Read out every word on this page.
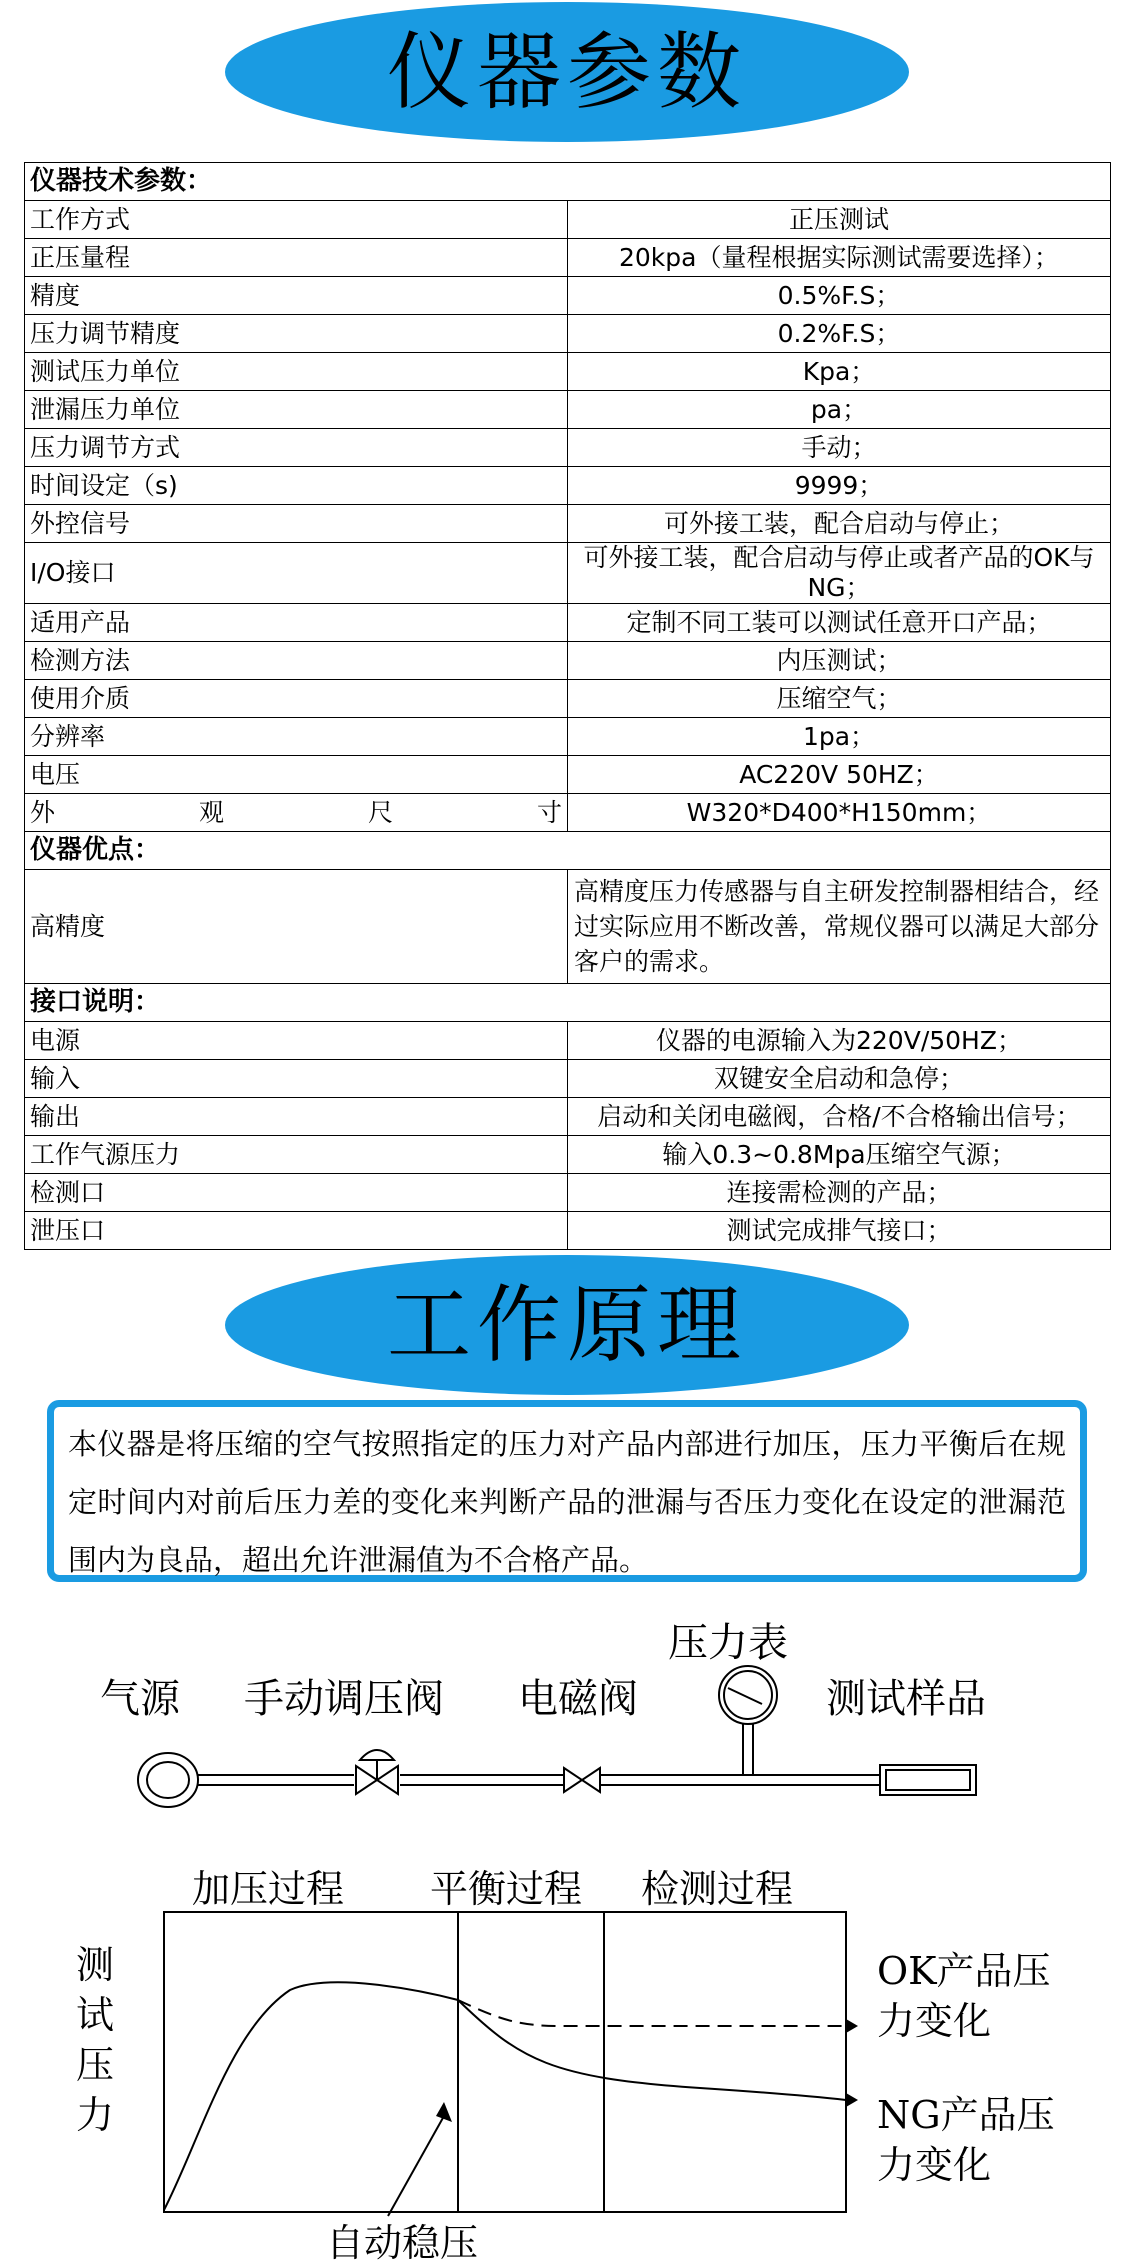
仪器参数
仪器技术参数：	
工作方式	正压测试
正压量程	20kpa（量程根据实际测试需要选择）；
精度	0.5%F.S；
压力调节精度	0.2%F.S；
测试压力单位	Kpa；
泄漏压力单位	pa；
压力调节方式	手动；
时间设定（s)	9999；
外控信号	可外接工装，配合启动与停止；
I/O接口	可外接工装，配合启动与停止或者产品的OK与NG；
适用产品	定制不同工装可以测试任意开口产品；
检测方法	内压测试；
使用介质	压缩空气；
分辨率	1pa；
电压	AC220V 50HZ；

外 观 尺 寸	W320*D400*H150mm；
仪器优点：	
高精度	高精度压力传感器与自主研发控制器相结合，经过实际应用不断改善，常规仪器可以满足大部分客户的需求。
接口说明：	
电源	仪器的电源输入为220V/50HZ；
输入	双键安全启动和急停；
输出	启动和关闭电磁阀，合格/不合格输出信号；
工作气源压力	输入0.3~0.8Mpa压缩空气源；
检测口	连接需检测的产品；
泄压口	测试完成排气接口；
工作原理
本仪器是将压缩的空气按照指定的压力对产品内部进行加压，压力平衡后在规定时间内对前后压力差的变化来判断产品的泄漏与否压力变化在设定的泄漏范围内为良品，超出允许泄漏值为不合格产品。
气源 手动调压阀 电磁阀
压力表
测试样品
加压过程 平衡过程 检测过程
测
试
压
力
OK产品压
力变化
NG产品压
力变化
自动稳压
